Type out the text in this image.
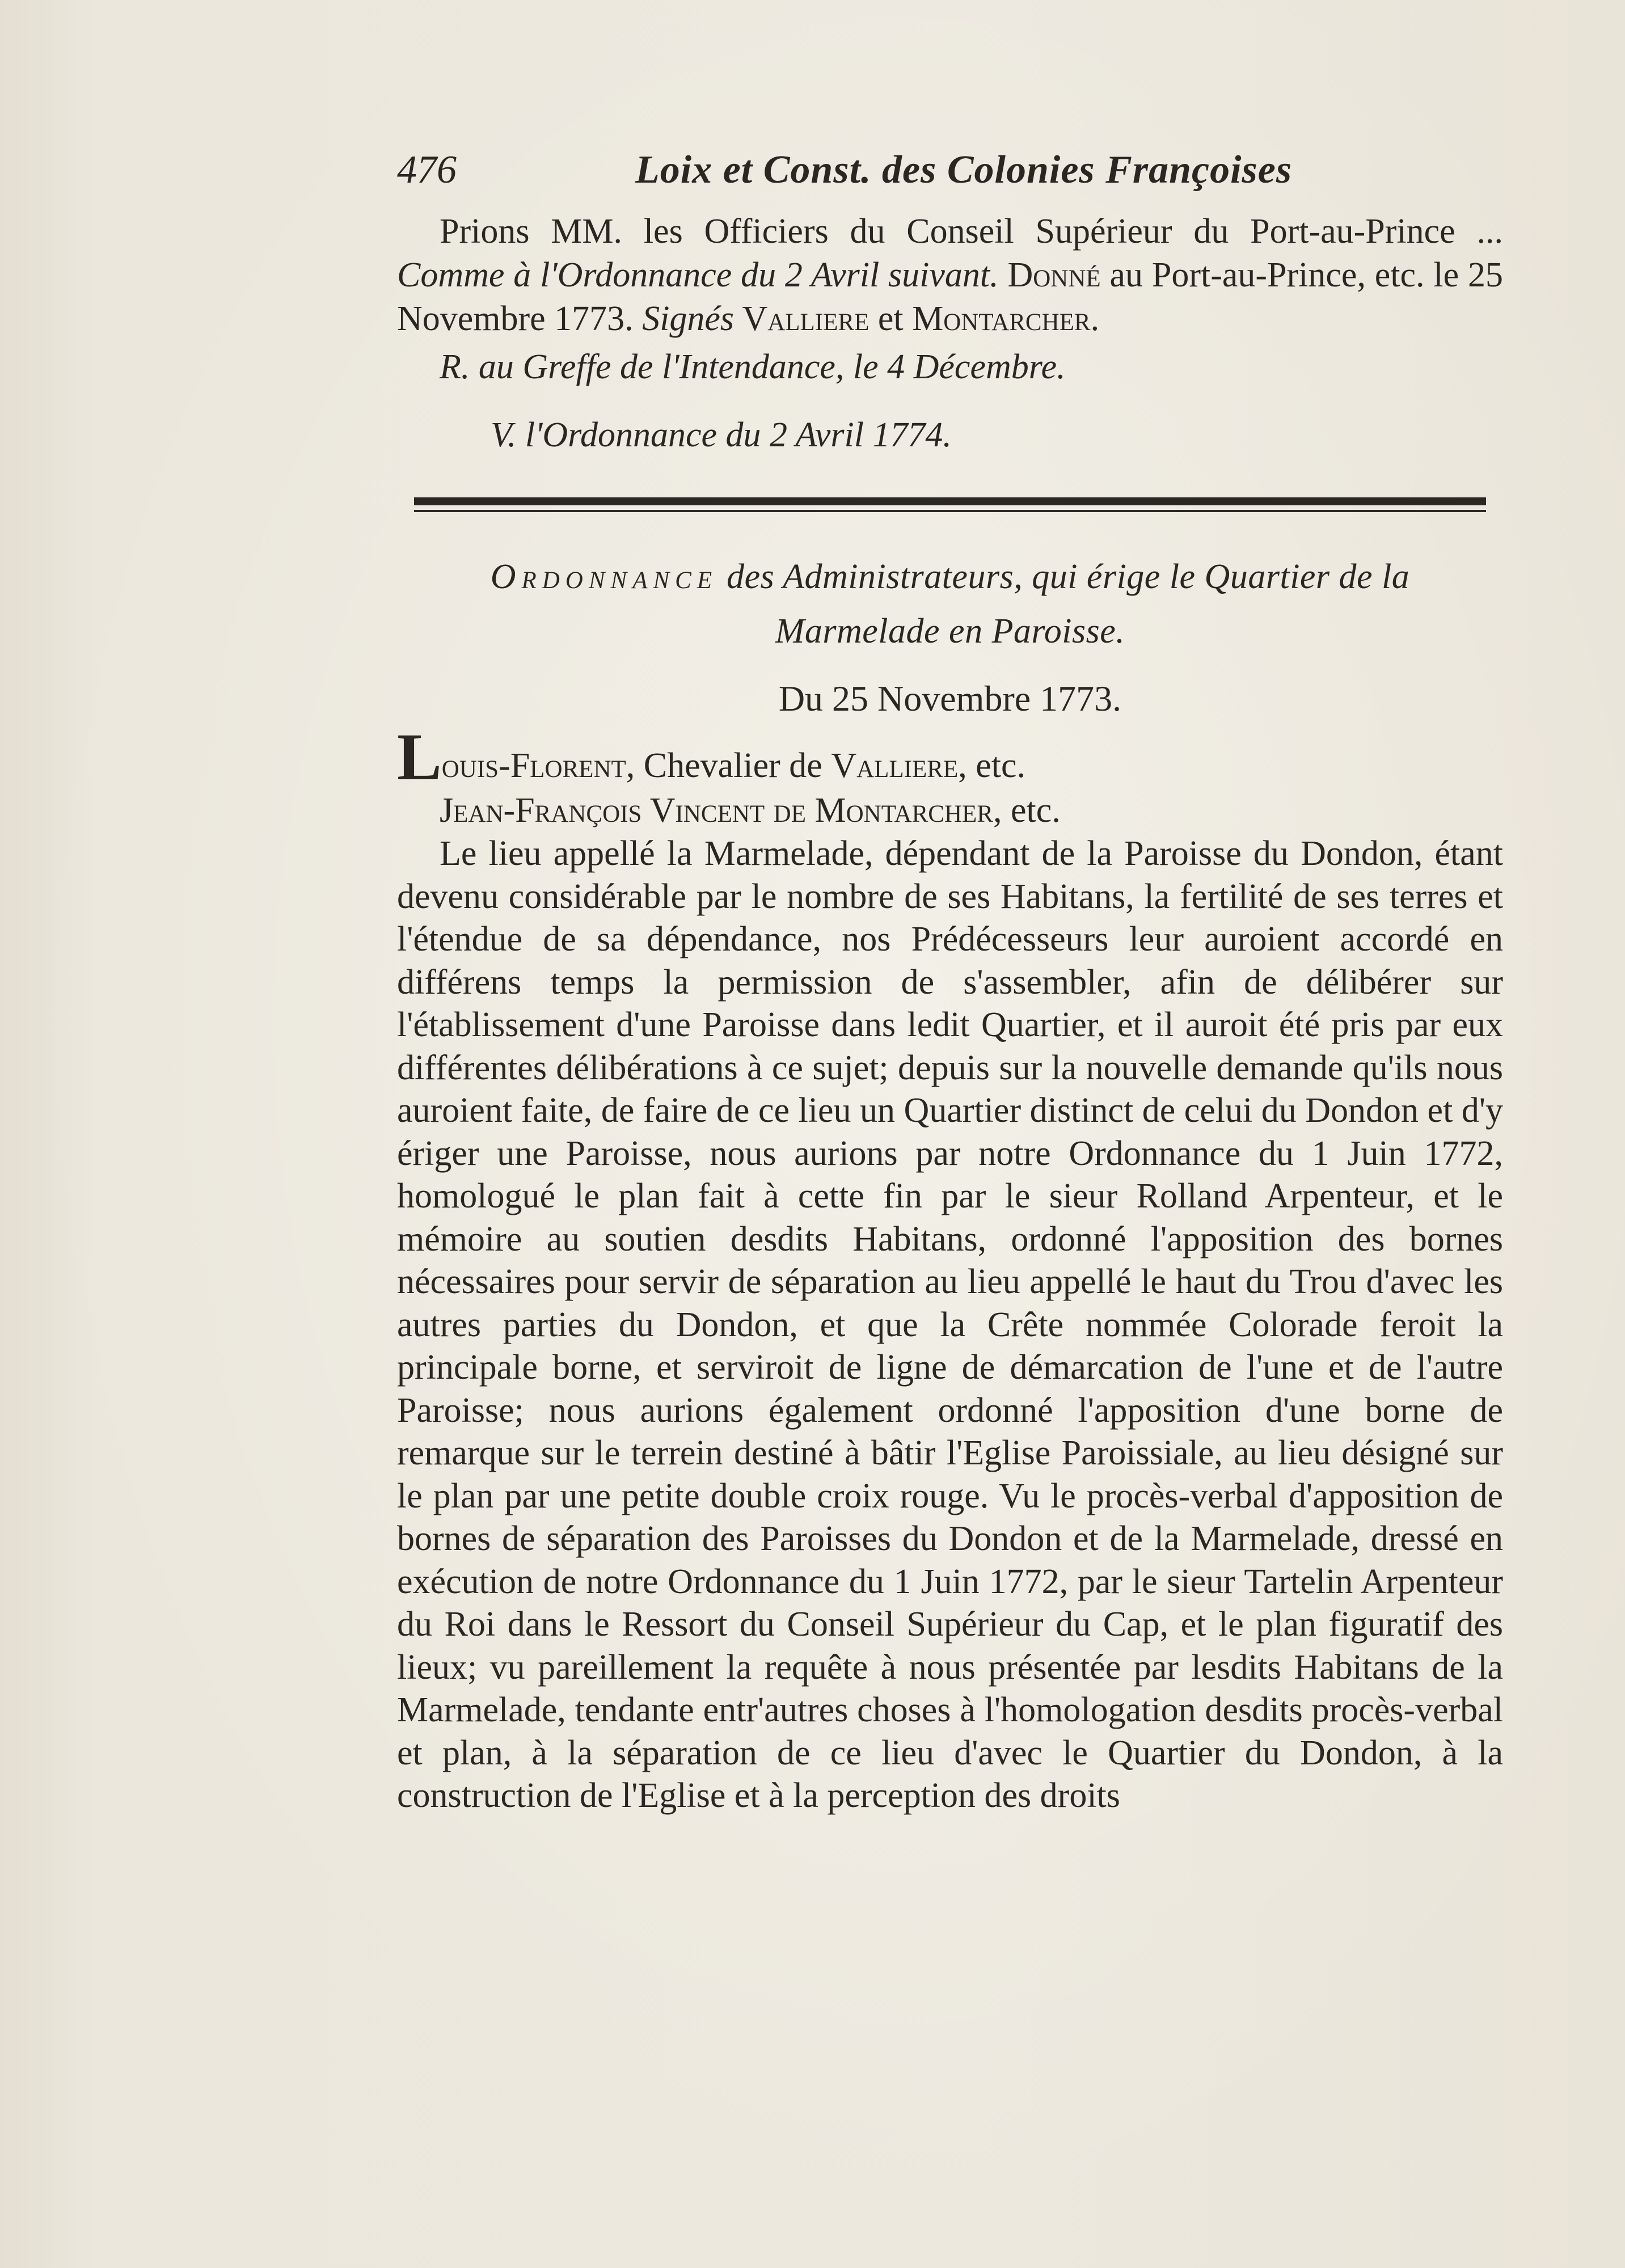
476	Loix et Const. des Colonies Françoises

Prions MM. les Officiers du Conseil Supérieur du Port-au-Prince ... Comme à l'Ordonnance du 2 Avril suivant. Donné au Port-au-Prince, etc. le 25 Novembre 1773. Signés Valliere et Montarcher.

R. au Greffe de l'Intendance, le 4 Décembre.

V. l'Ordonnance du 2 Avril 1774.

Ordonnance des Administrateurs, qui érige le Quartier de la
Marmelade en Paroisse.
Du 25 Novembre 1773.
Louis-Florent, Chevalier de Valliere, etc.
Jean-François Vincent de Montarcher, etc.

Le lieu appellé la Marmelade, dépendant de la Paroisse du Dondon, étant devenu considérable par le nombre de ses Habitans, la fertilité de ses terres et l'étendue de sa dépendance, nos Prédécesseurs leur auroient accordé en différens temps la permission de s'assembler, afin de délibérer sur l'établissement d'une Paroisse dans ledit Quartier, et il auroit été pris par eux différentes délibérations à ce sujet; depuis sur la nouvelle demande qu'ils nous auroient faite, de faire de ce lieu un Quartier distinct de celui du Dondon et d'y ériger une Paroisse, nous aurions par notre Ordonnance du 1 Juin 1772, homologué le plan fait à cette fin par le sieur Rolland Arpenteur, et le mémoire au soutien desdits Habitans, ordonné l'apposition des bornes nécessaires pour servir de séparation au lieu appellé le haut du Trou d'avec les autres parties du Dondon, et que la Crête nommée Colorade feroit la principale borne, et serviroit de ligne de démarcation de l'une et de l'autre Paroisse; nous aurions également ordonné l'apposition d'une borne de remarque sur le terrein destiné à bâtir l'Eglise Paroissiale, au lieu désigné sur le plan par une petite double croix rouge. Vu le procès-verbal d'apposition de bornes de séparation des Paroisses du Dondon et de la Marmelade, dressé en exécution de notre Ordonnance du 1 Juin 1772, par le sieur Tartelin Arpenteur du Roi dans le Ressort du Conseil Supérieur du Cap, et le plan figuratif des lieux; vu pareillement la requête à nous présentée par lesdits Habitans de la Marmelade, tendante entr'autres choses à l'homologation desdits procès-verbal et plan, à la séparation de ce lieu d'avec le Quartier du Dondon, à la construction de l'Eglise et à la perception des droits
